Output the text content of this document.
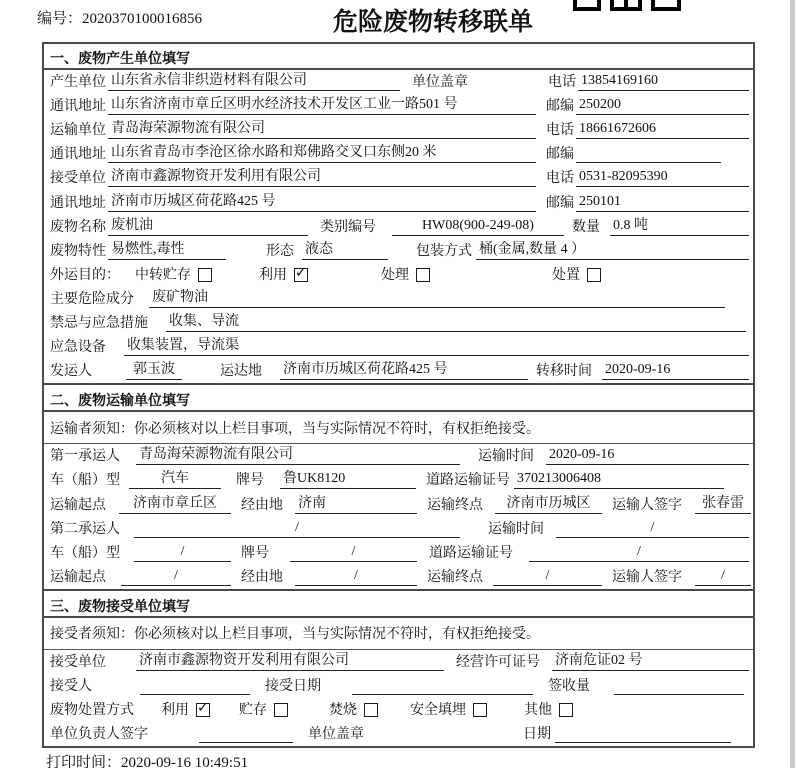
编号：2020370100016856	危险废物转移联单
一、废物产生单位填写
产生单位 山东省永信非织造材料有限公司	单位盖章	电话 13854169160
通讯地址 山东省济南市章丘区明水经济技术开发区工业一路501 号	邮编 250200
运输单位 青岛海荣源物流有限公司	电话 18661672606
通讯地址 山东省青岛市李沧区徐水路和郑佛路交叉口东侧20 米	邮编
接受单位 济南市鑫源物资开发利用有限公司	电话 0531-82095390
通讯地址 济南市历城区荷花路425 号	邮编 250101
废物名称 废机油	类别编号	HW08(900-249-08)	数量 0.8 吨
废物特性 易燃性,毒性	形态 液态	包装方式 桶(金属,数量 4 ）
外运目的： 中转贮存	利用 ✓	处理	处置
主要危险成分 废矿物油
禁忌与应急措施 收集、导流
应急设备 收集装置，导流渠
发运人	郭玉波	运达地 济南市历城区荷花路425 号	转移时间 2020-09-16
二、废物运输单位填写
运输者须知： 你必须核对以上栏目事项，当与实际情况不符时，有权拒绝接受。
第一承运人 青岛海荣源物流有限公司	运输时间 2020-09-16
车（船）型	汽车	牌号 鲁UK8120	道路运输证号 370213006408
运输起点	济南市章丘区	经由地 济南	运输终点	济南市历城区	运输人签字	张春雷
第二承运人	/	运输时间	/
车（船）型	/	牌号	/	道路运输证号	/
运输起点	/	经由地	/	运输终点	/	运输人签字	/
三、废物接受单位填写
接受者须知： 你必须核对以上栏目事项，当与实际情况不符时，有权拒绝接受。
接受单位 济南市鑫源物资开发利用有限公司	经营许可证号 济南危证02 号
接受人	接受日期	签收量
废物处置方式 利用 ✓	贮存	焚烧	安全填埋	其他
单位负责人签字	单位盖章	日期
打印时间：2020-09-16 10:49:51
